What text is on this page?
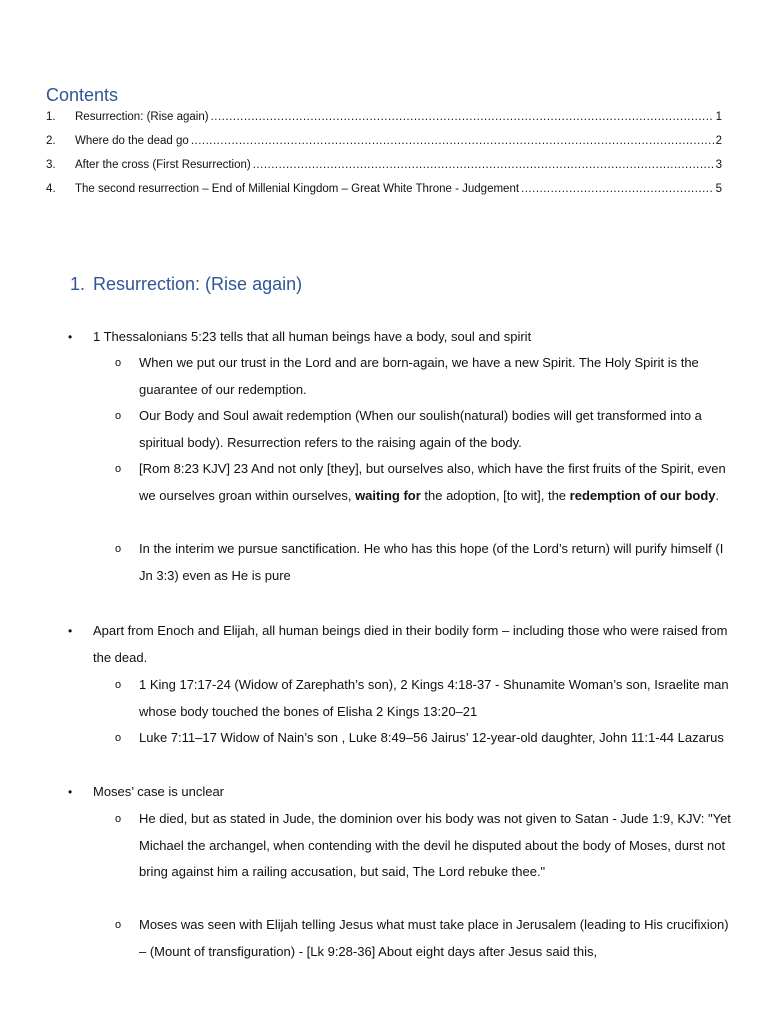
Contents
1.	Resurrection: (Rise again) .....	1
2.	Where do the dead go .....	2
3.	After the cross (First Resurrection) .....	3
4.	The second resurrection – End of Millenial Kingdom – Great White Throne - Judgement .....	5
1. Resurrection: (Rise again)
• 1 Thessalonians 5:23 tells that all human beings have a body, soul and spirit
o When we put our trust in the Lord and are born-again, we have a new Spirit. The Holy Spirit is the guarantee of our redemption.
o Our Body and Soul await redemption (When our soulish(natural) bodies will get transformed into a spiritual body). Resurrection refers to the raising again of the body.
o [Rom 8:23 KJV] 23 And not only [they], but ourselves also, which have the first fruits of the Spirit, even we ourselves groan within ourselves, waiting for the adoption, [to wit], the redemption of our body.
o In the interim we pursue sanctification. He who has this hope (of the Lord’s return) will purify himself (I Jn 3:3) even as He is pure
• Apart from Enoch and Elijah, all human beings died in their bodily form – including those who were raised from the dead.
o 1 King 17:17-24 (Widow of Zarephath’s son), 2 Kings 4:18-37 - Shunamite Woman’s son, Israelite man whose body touched the bones of Elisha 2 Kings 13:20–21
o Luke 7:11–17 Widow of Nain’s son , Luke 8:49–56 Jairus’ 12-year-old daughter, John 11:1-44 Lazarus
• Moses’ case is unclear
o He died, but as stated in Jude, the dominion over his body was not given to Satan - Jude 1:9, KJV: "Yet Michael the archangel, when contending with the devil he disputed about the body of Moses, durst not bring against him a railing accusation, but said, The Lord rebuke thee."
o Moses was seen with Elijah telling Jesus what must take place in Jerusalem (leading to His crucifixion) – (Mount of transfiguration) - [Lk 9:28-36] About eight days after Jesus said this,
